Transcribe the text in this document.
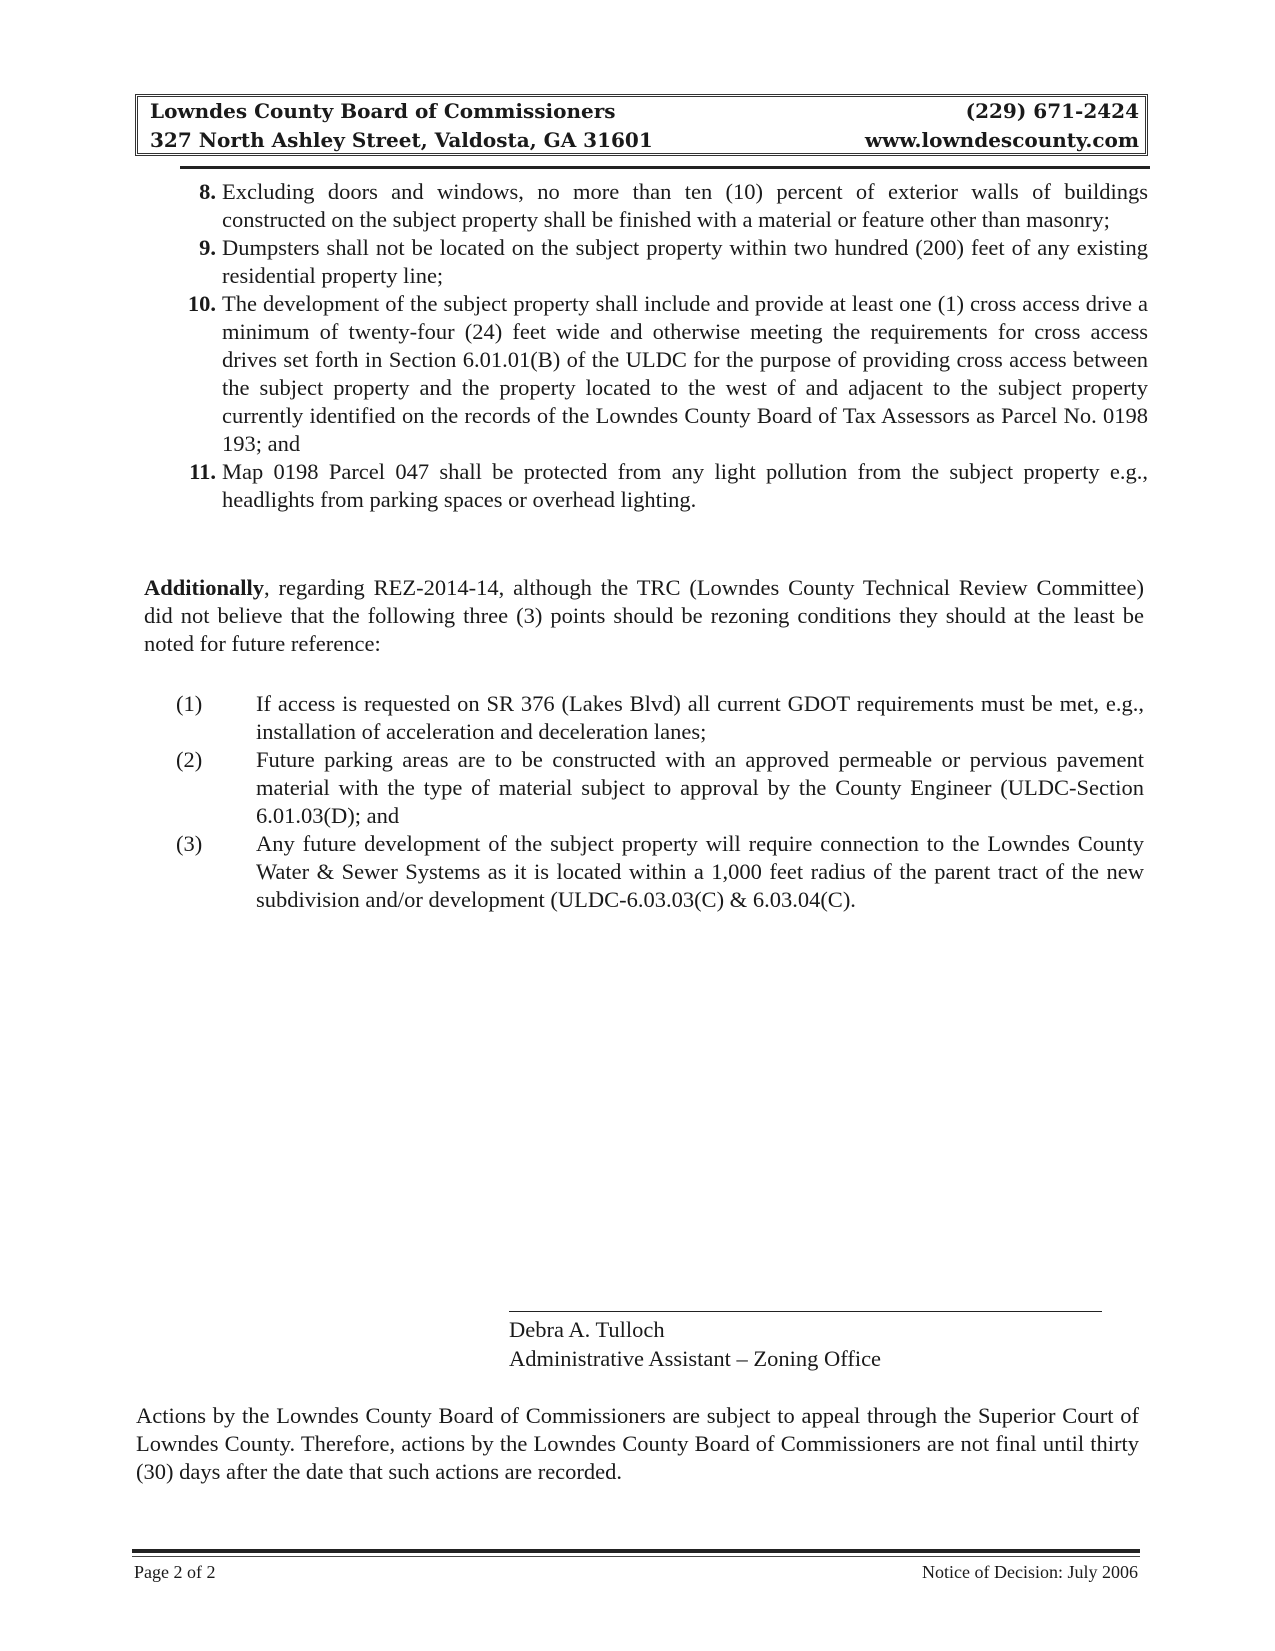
Lowndes County Board of Commissioners	(229) 671-2424
327 North Ashley Street, Valdosta, GA 31601	www.lowndescounty.com
8. Excluding doors and windows, no more than ten (10) percent of exterior walls of buildings constructed on the subject property shall be finished with a material or feature other than masonry;
9. Dumpsters shall not be located on the subject property within two hundred (200) feet of any existing residential property line;
10. The development of the subject property shall include and provide at least one (1) cross access drive a minimum of twenty-four (24) feet wide and otherwise meeting the requirements for cross access drives set forth in Section 6.01.01(B) of the ULDC for the purpose of providing cross access between the subject property and the property located to the west of and adjacent to the subject property currently identified on the records of the Lowndes County Board of Tax Assessors as Parcel No. 0198 193; and
11. Map 0198 Parcel 047 shall be protected from any light pollution from the subject property e.g., headlights from parking spaces or overhead lighting.

Additionally, regarding REZ-2014-14, although the TRC (Lowndes County Technical Review Committee) did not believe that the following three (3) points should be rezoning conditions they should at the least be noted for future reference:

(1)	If access is requested on SR 376 (Lakes Blvd) all current GDOT requirements must be met, e.g., installation of acceleration and deceleration lanes;
(2)	Future parking areas are to be constructed with an approved permeable or pervious pavement material with the type of material subject to approval by the County Engineer (ULDC-Section 6.01.03(D); and
(3)	Any future development of the subject property will require connection to the Lowndes County Water & Sewer Systems as it is located within a 1,000 feet radius of the parent tract of the new subdivision and/or development (ULDC-6.03.03(C) & 6.03.04(C).
Debra A. Tulloch
Administrative Assistant – Zoning Office

Actions by the Lowndes County Board of Commissioners are subject to appeal through the Superior Court of Lowndes County. Therefore, actions by the Lowndes County Board of Commissioners are not final until thirty (30) days after the date that such actions are recorded.

Page 2 of 2	Notice of Decision: July 2006
